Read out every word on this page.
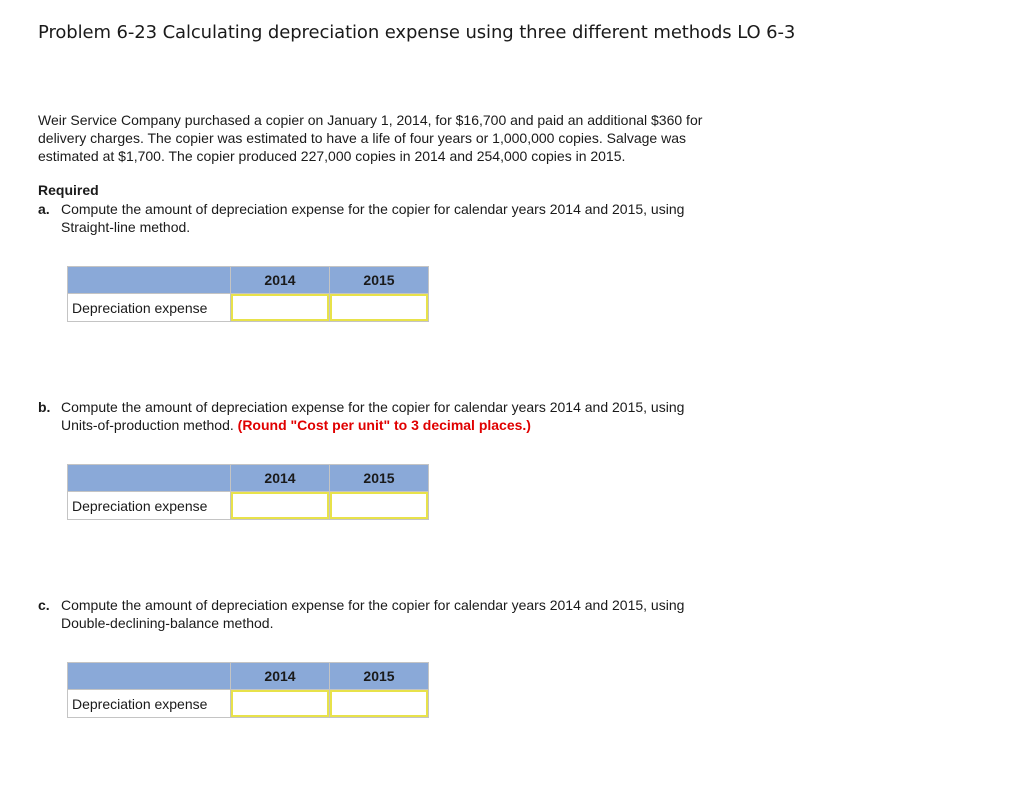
Problem 6-23 Calculating depreciation expense using three different methods LO 6-3
Weir Service Company purchased a copier on January 1, 2014, for $16,700 and paid an additional $360 for
delivery charges. The copier was estimated to have a life of four years or 1,000,000 copies. Salvage was
estimated at $1,700. The copier produced 227,000 copies in 2014 and 254,000 copies in 2015.
Required
a. Compute the amount of depreciation expense for the copier for calendar years 2014 and 2015, using
Straight-line method.
	2014	2015
Depreciation expense	

b. Compute the amount of depreciation expense for the copier for calendar years 2014 and 2015, using
Units-of-production method. (Round "Cost per unit" to 3 decimal places.)
	2014	2015
Depreciation expense	

c. Compute the amount of depreciation expense for the copier for calendar years 2014 and 2015, using
Double-declining-balance method.
	2014	2015
Depreciation expense	
